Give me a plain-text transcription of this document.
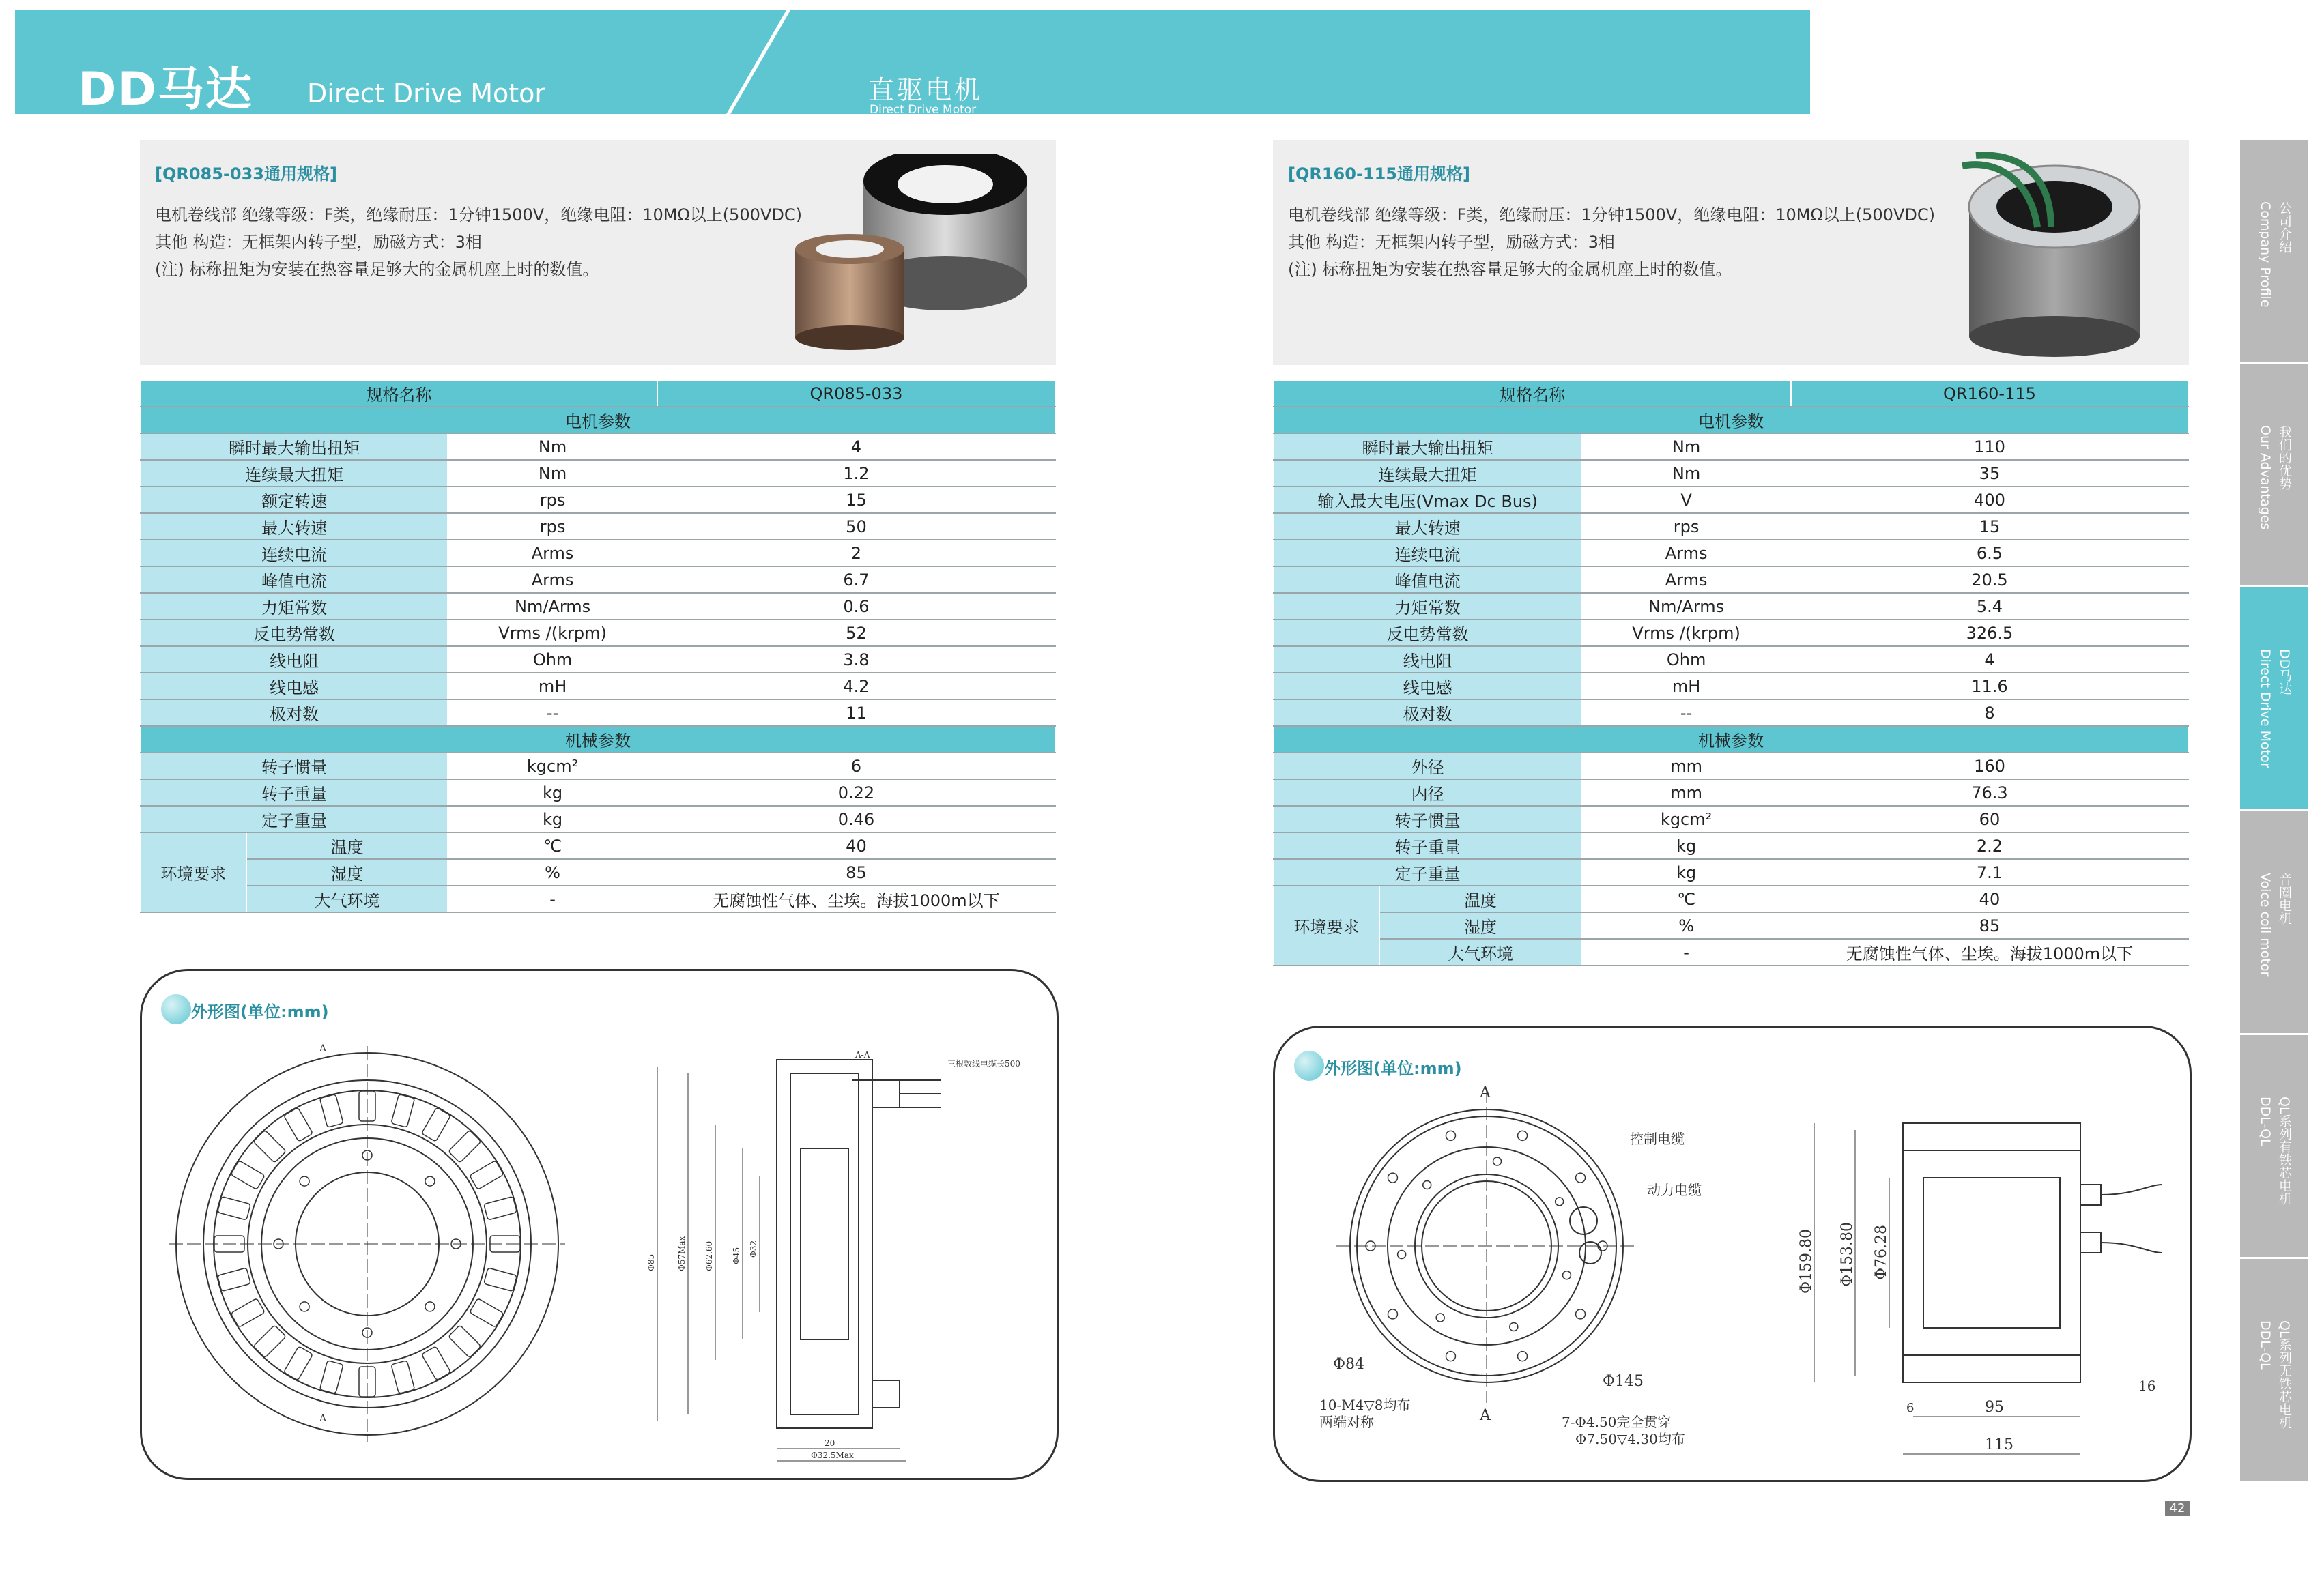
DD马达 Direct Drive Motor	直驱电机
Direct Drive Motor
[QR085-033通用规格]
电机卷线部 绝缘等级：F类，绝缘耐压：1分钟1500V，绝缘电阻：10MΩ以上(500VDC)
其他 构造：无框架内转子型，励磁方式：3相
(注) 标称扭矩为安装在热容量足够大的金属机座上时的数值。
规格名称			QR085-033
电机参数			
瞬时最大输出扭矩		Nm	4
连续最大扭矩		Nm	1.2
额定转速		rps	15
最大转速		rps	50
连续电流		Arms	2
峰值电流		Arms	6.7
力矩常数		Nm/Arms	0.6
反电势常数		Vrms /(krpm)	52
线电阻		Ohm	3.8
线电感		mH	4.2
极对数		--	11
机械参数			
转子惯量		kgcm²	6
转子重量		kg	0.22
定子重量		kg	0.46
环境要求	温度	℃	40
	湿度	%	85
	大气环境	-	无腐蚀性气体、尘埃。海拔1000m以下
外形图(单位:mm)
A
A
A-A
Φ85	Φ57Max Φ62.60 Φ45 Φ32
20
Φ32.5Max
三根数线电缆长500
[QR160-115通用规格]
电机卷线部 绝缘等级：F类，绝缘耐压：1分钟1500V，绝缘电阻：10MΩ以上(500VDC)
其他 构造：无框架内转子型，励磁方式：3相
(注) 标称扭矩为安装在热容量足够大的金属机座上时的数值。
规格名称			QR160-115
电机参数			
瞬时最大输出扭矩		Nm	110
连续最大扭矩		Nm	35
输入最大电压(Vmax Dc Bus)		V	400
最大转速		rps	15
连续电流		Arms	6.5
峰值电流		Arms	20.5
力矩常数		Nm/Arms	5.4
反电势常数		Vrms /(krpm)	326.5
线电阻		Ohm	4
线电感		mH	11.6
极对数		--	8
机械参数			
外径		mm	160
内径		mm	76.3
转子惯量		kgcm²	60
转子重量		kg	2.2
定子重量		kg	7.1
环境要求	温度	℃	40
	湿度	%	85
	大气环境	-	无腐蚀性气体、尘埃。海拔1000m以下
外形图(单位:mm)
A
A
控制电缆
动力电缆
Φ84
Φ145
10-M4▽8均布
两端对称	7-Φ4.50完全贯穿
Φ7.50▽4.30均布
Φ159.80 Φ153.80 Φ76.28
6	95
16
115
公司介绍
Company Profile
我们的优势
Our Advantages
DD马达
Direct Drive Motor
音圈电机
Voice coil motor
QL系列有铁芯电机
DDL-QL
QL系列无铁芯电机
DDL-QL
42
